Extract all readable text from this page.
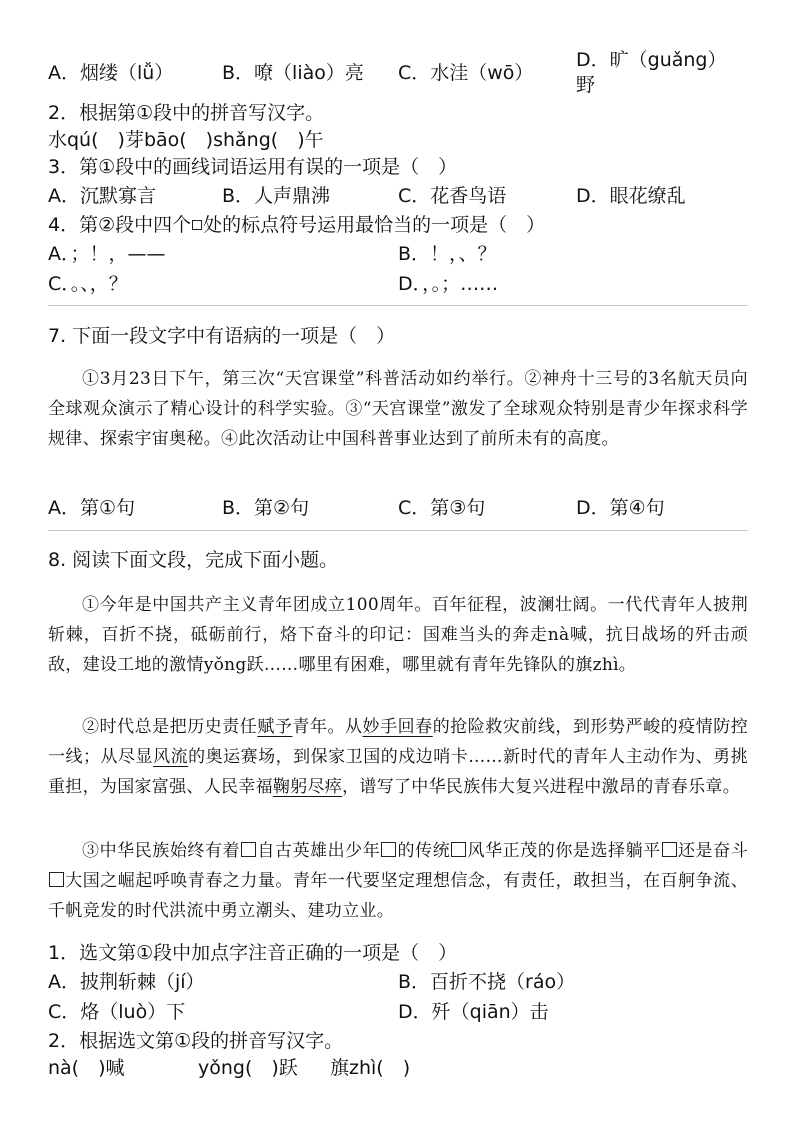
A．烟缕（lǚ）	B．嘹（liào）亮 C．水洼（wō）
D．旷（guǎng）
野
2．根据第①段中的拼音写汉字。
水qú(　)芽bāo(　)shǎng(　)午
3．第①段中的画线词语运用有误的一项是（　）
A．沉默寡言	B．人声鼎沸	C．花香鸟语	D．眼花缭乱
4．第②段中四个 处的标点符号运用最恰当的一项是（　）
A．；！，——	B．！，、？
C．。、，？	D．，。；……
7. 下面一段文字中有语病的一项是（　）
①3月23日下午，第三次“天宫课堂”科普活动如约举行。②神舟十三号的3名航天员向全球观众演示了精心设计的科学实验。③“天宫课堂”激发了全球观众特别是青少年探求科学规律、探索宇宙奥秘。④此次活动让中国科普事业达到了前所未有的高度。
A．第①句	B．第②句	C．第③句	D．第④句
8. 阅读下面文段，完成下面小题。
①今年是中国共产主义青年团成立100周年。百年征程，波澜壮阔。一代代青年人披荆斩棘，百折不挠，砥砺前行，烙下奋斗的印记：国难当头的奔走nà喊，抗日战场的歼击顽敌，建设工地的激情yǒng跃……哪里有困难，哪里就有青年先锋队的旗zhì。
②时代总是把历史责任赋予青年。从妙手回春的抢险救灾前线，到形势严峻的疫情防控一线；从尽显风流的奥运赛场，到保家卫国的戍边哨卡……新时代的青年人主动作为、勇挑重担，为国家富强、人民幸福鞠躬尽瘁，谱写了中华民族伟大复兴进程中激昂的青春乐章。
③中华民族始终有着 自古英雄出少年 的传统 风华正茂的你是选择躺平 还是奋斗大国之崛起呼唤青春之力量。青年一代要坚定理想信念，有责任，敢担当，在百舸争流、千帆竞发的时代洪流中勇立潮头、建功立业。
1．选文第①段中加点字注音正确的一项是（　）
A．披荆斩棘（jí）	B．百折不挠（ráo）
C．烙（luò）下	D．歼（qiān）击
2．根据选文第①段的拼音写汉字。
nà(　)喊	yǒng(　)跃 旗zhì(　)
